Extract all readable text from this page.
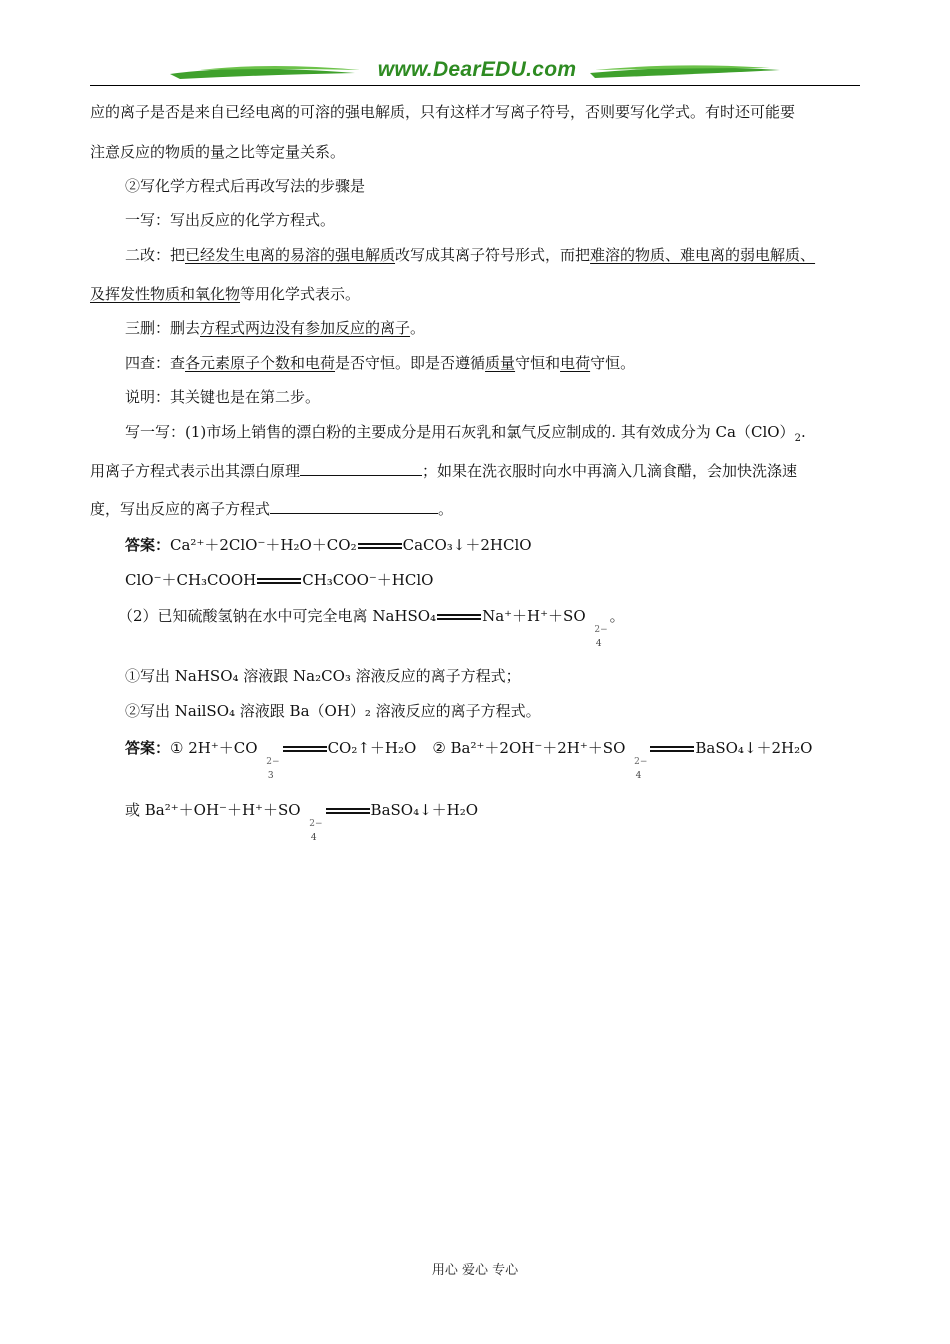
www.DearEDU.com
应的离子是否是来自已经电离的可溶的强电解质，只有这样才写离子符号，否则要写化学式。有时还可能要
注意反应的物质的量之比等定量关系。
②写化学方程式后再改写法的步骤是
一写：写出反应的化学方程式。
二改：把已经发生电离的易溶的强电解质改写成其离子符号形式，而把难溶的物质、难电离的弱电解质、
及挥发性物质和氧化物等用化学式表示。
三删：删去方程式两边没有参加反应的离子。
四查：查各元素原子个数和电荷是否守恒。即是否遵循质量守恒和电荷守恒。
说明：其关键也是在第二步。
写一写：(1)市场上销售的漂白粉的主要成分是用石灰乳和氯气反应制成的. 其有效成分为 $Ca(ClO)_2$.
用离子方程式表示出其漂白原理	；如果在洗衣服时向水中再滴入几滴食醋，会加快洗涤速
度，写出反应的离子方程式	。
答案：Ca²⁺＋2ClO⁻＋H₂O＋CO₂	CaCO₃↓＋2HClO
ClO⁻＋CH₃COOH	CH₃COO⁻＋HClO
（2）已知硫酸氢钠在水中可完全电离 NaHSO₄	Na⁺＋H⁺＋SO
2−
4
。
①写出 NaHSO₄ 溶液跟 Na₂CO₃ 溶液反应的离子方程式；
②写出 NailSO₄ 溶液跟 Ba（OH）₂ 溶液反应的离子方程式。
答案：① 2H⁺＋CO
2−
3
CO₂↑＋H₂O ② Ba²⁺＋2OH⁻＋2H⁺＋SO
2−
4
BaSO₄↓＋2H₂O
或 Ba²⁺＋OH⁻＋H⁺＋SO
2−
4
BaSO₄↓＋H₂O
用心 爱心 专心
